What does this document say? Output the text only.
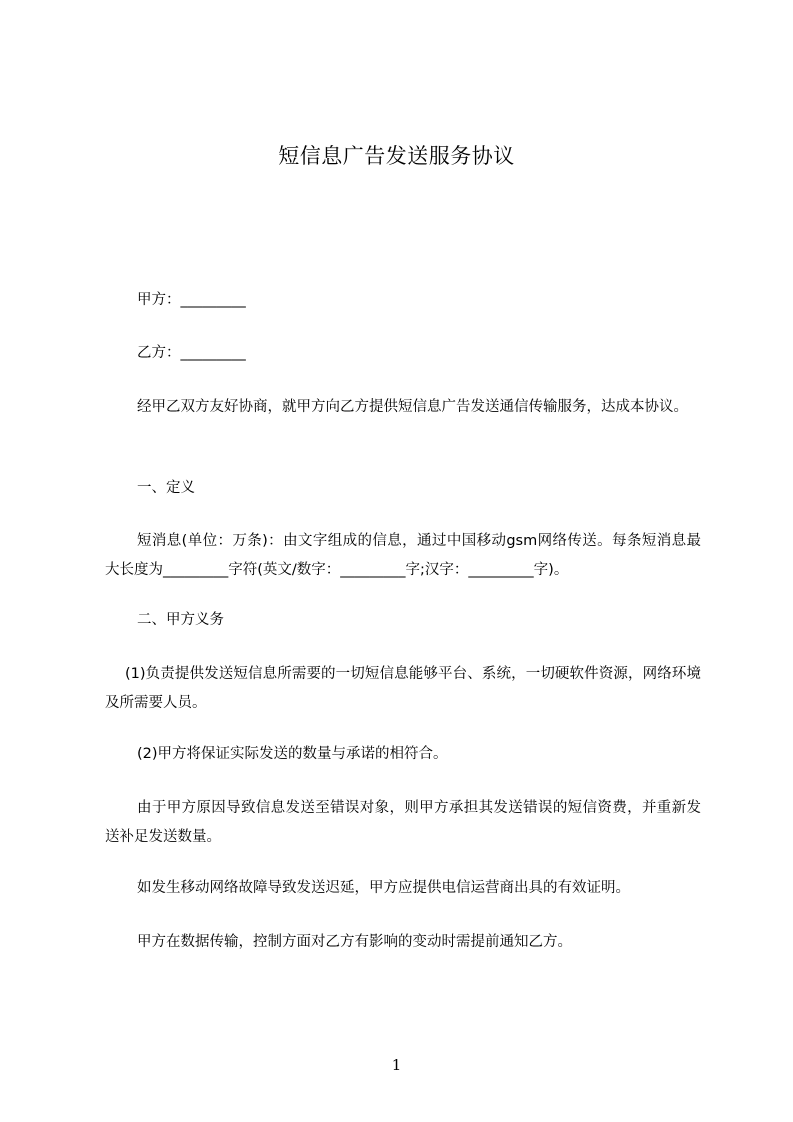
短信息广告发送服务协议

甲方：_________

乙方：_________

经甲乙双方友好协商，就甲方向乙方提供短信息广告发送通信传输服务，达成本协议。

一、定义

短消息(单位：万条)：由文字组成的信息，通过中国移动gsm网络传送。每条短消息最大长度为_________字符(英文/数字：_________字;汉字：_________字)。

二、甲方义务

(1)负责提供发送短信息所需要的一切短信息能够平台、系统，一切硬软件资源，网络环境及所需要人员。

(2)甲方将保证实际发送的数量与承诺的相符合。

由于甲方原因导致信息发送至错误对象，则甲方承担其发送错误的短信资费，并重新发送补足发送数量。

如发生移动网络故障导致发送迟延，甲方应提供电信运营商出具的有效证明。

甲方在数据传输，控制方面对乙方有影响的变动时需提前通知乙方。

1
